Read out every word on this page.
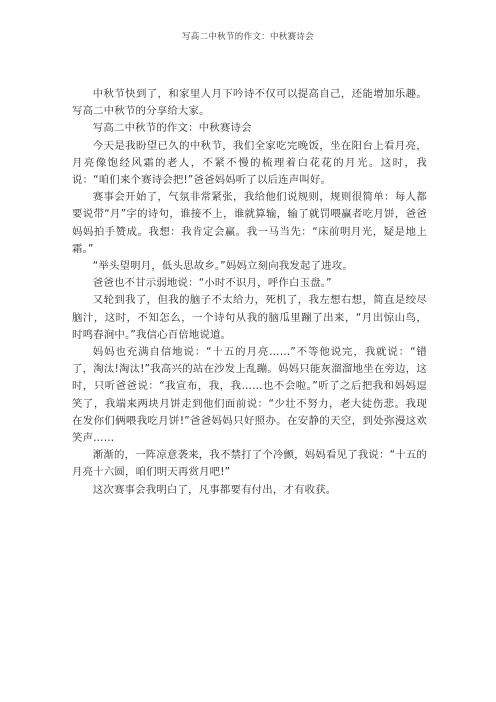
写高二中秋节的作文：中秋赛诗会

中秋节快到了，和家里人月下吟诗不仅可以提高自己，还能增加乐趣。写高二中秋节的分享给大家。

写高二中秋节的作文：中秋赛诗会

今天是我盼望已久的中秋节，我们全家吃完晚饭，坐在阳台上看月亮，月亮像饱经风霜的老人，不紧不慢的梳理着白花花的月光。这时，我说：“咱们来个赛诗会把!”爸爸妈妈听了以后连声叫好。

赛事会开始了，气氛非常紧张，我给他们说规则，规则很简单：每人都要说带“月”字的诗句，谁接不上，谁就算输，输了就罚喂赢者吃月饼，爸爸妈妈拍手赞成。我想：我肯定会赢。我一马当先：“床前明月光，疑是地上霜。”

“举头望明月，低头思故乡。”妈妈立刻向我发起了进攻。

爸爸也不甘示弱地说：“小时不识月，呼作白玉盘。”

又轮到我了，但我的脑子不太给力，死机了，我左想右想，简直是绞尽脑汁，这时，不知怎么，一个诗句从我的脑瓜里蹦了出来，“月出惊山鸟，时鸣春涧中。”我信心百倍地说道。

妈妈也充满自信地说：“十五的月亮……”不等他说完，我就说：“错了，淘汰!淘汰!”我高兴的站在沙发上乱蹦。妈妈只能灰溜溜地坐在旁边，这时，只听爸爸说：“我宣布，我，我……也不会啦。”听了之后把我和妈妈逗笑了，我端来两块月饼走到他们面前说：“少壮不努力，老大徒伤悲。我现在发你们俩喂我吃月饼!”爸爸妈妈只好照办。在安静的天空，到处弥漫这欢笑声……

渐渐的，一阵凉意袭来，我不禁打了个冷颤，妈妈看见了我说：“十五的月亮十六圆，咱们明天再赏月吧!”

这次赛事会我明白了，凡事都要有付出，才有收获。
